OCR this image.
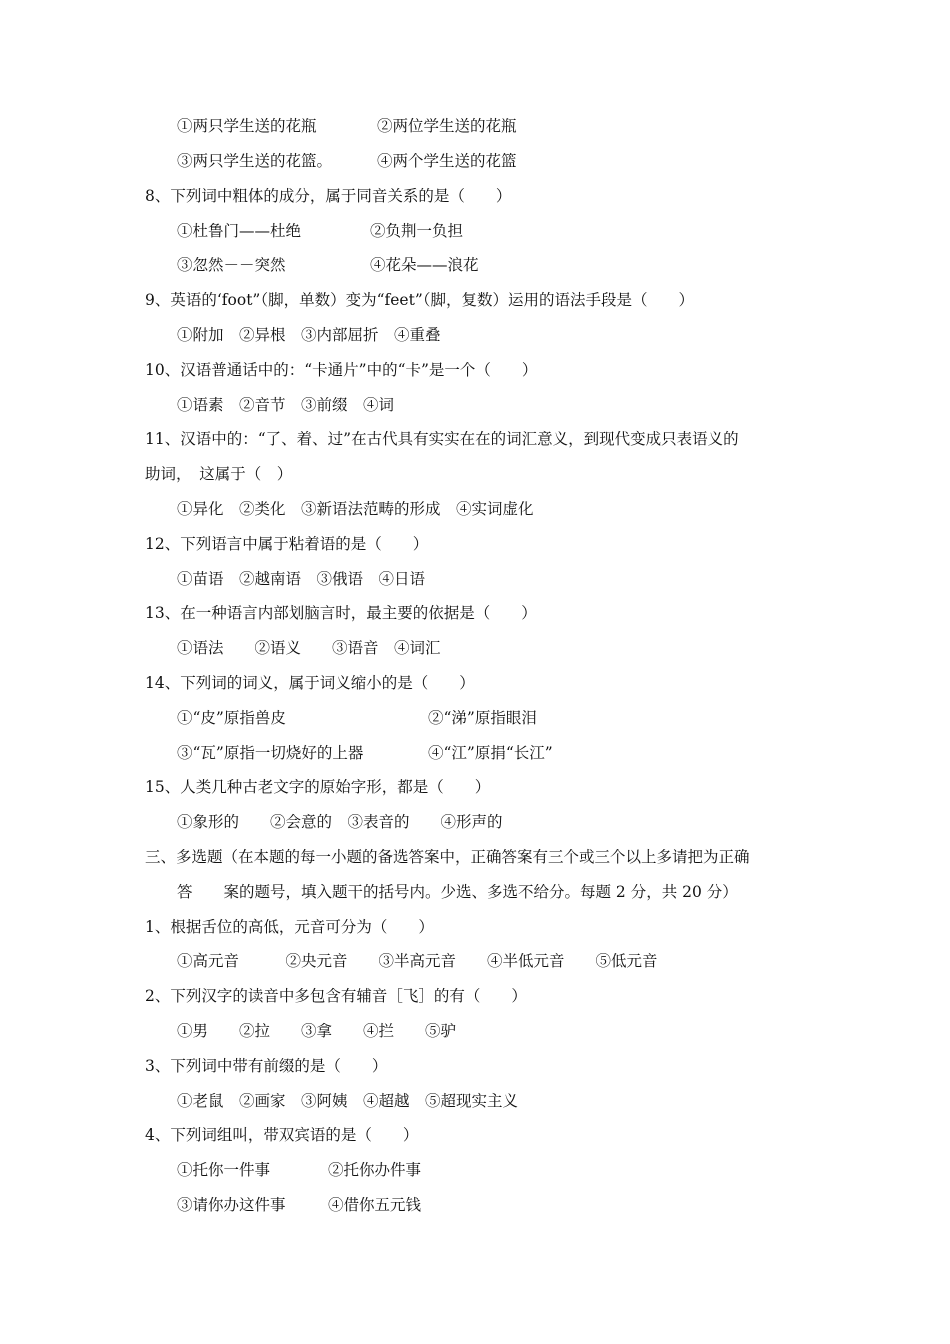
①两只学生送的花瓶	②两位学生送的花瓶
③两只学生送的花篮。	④两个学生送的花篮
8、下列词中粗体的成分，属于同音关系的是（　　）
①杜鲁门——杜绝	②负荆一负担
③忽然－－突然	④花朵——浪花
9、英语的‘foot”（脚，单数）变为“feet”（脚，复数）运用的语法手段是（　　）
①附加　②异根　③内部屈折　④重叠
10、汉语普通话中的：“卡通片”中的“卡”是一个（　　）
①语素　②音节　③前缀　④词
11、汉语中的：“了、着、过”在古代具有实实在在的词汇意义，到现代变成只表语义的
助词，　这属于（　）
①异化　②类化　③新语法范畴的形成　④实词虚化
12、下列语言中属于粘着语的是（　　）
①苗语　②越南语　③俄语　④日语
13、在一种语言内部划脑言时，最主要的依据是（　　）
①语法　　②语义　　③语音　④词汇
14、下列词的词义，属于词义缩小的是（　　）
①“皮”原指兽皮	②“涕”原指眼泪
③“瓦”原指一切烧好的上器	④“江”原捐“长江”
15、人类几种古老文字的原始字形，都是（　　）
①象形的　　②会意的　③表音的　　④形声的
三、多选题（在本题的每一小题的备选答案中，正确答案有三个或三个以上多请把为正确
答　　案的题号，填入题干的括号内。少选、多选不给分。每题 2 分，共 20 分）
1、根据舌位的高低，元音可分为（　　）
①高元音　　　②央元音　　③半高元音　　④半低元音　　⑤低元音
2、下列汉字的读音中多包含有辅音［飞］的有（　　）
①男　　②拉　　③拿　　④拦　　⑤驴
3、下列词中带有前缀的是（　　）
①老鼠　②画家　③阿姨　④超越　⑤超现实主义
4、下列词组叫，带双宾语的是（　　）
①托你一件事	②托你办件事
③请你办这件事	④借你五元钱
